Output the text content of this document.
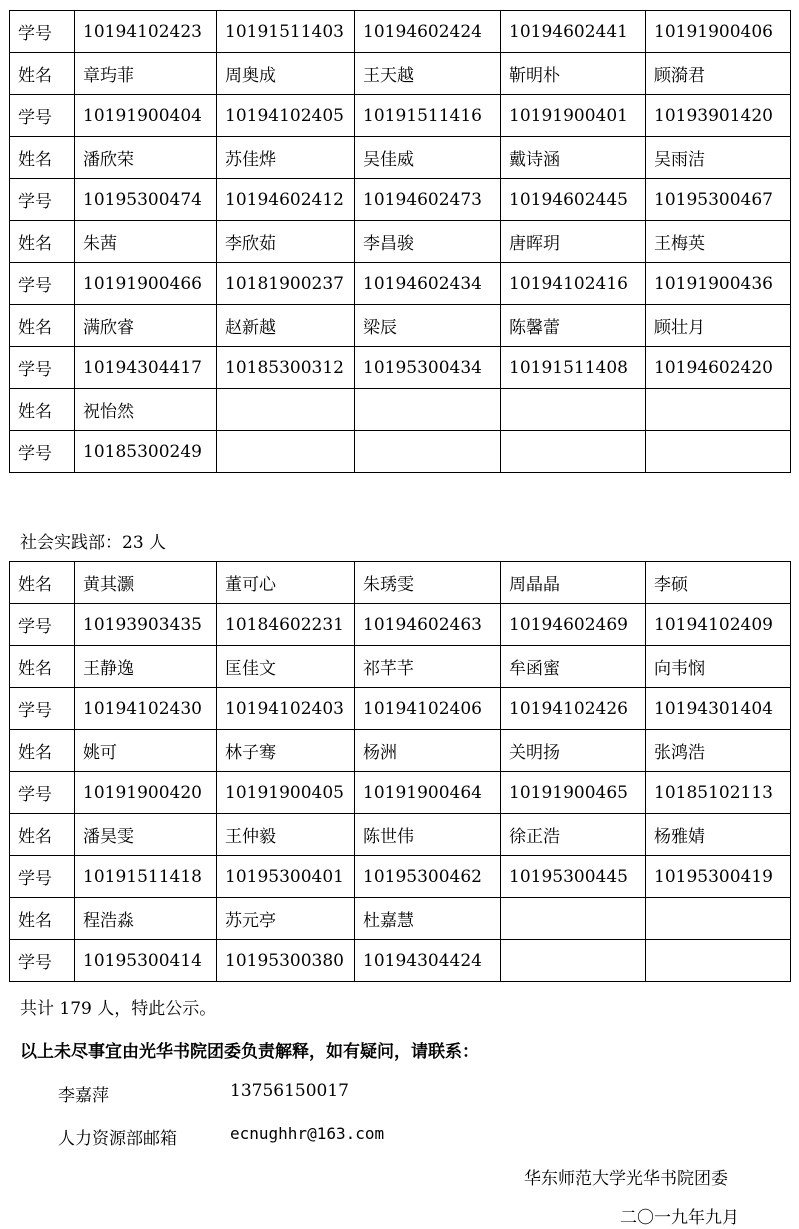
学号	10194102423	10191511403	10194602424	10194602441	10191900406
姓名	章玙菲	周奥成	王天越	靳明朴	顾漪君
学号	10191900404	10194102405	10191511416	10191900401	10193901420
姓名	潘欣荣	苏佳烨	吴佳威	戴诗涵	吴雨洁
学号	10195300474	10194602412	10194602473	10194602445	10195300467
姓名	朱茜	李欣茹	李昌骏	唐晖玥	王梅英
学号	10191900466	10181900237	10194602434	10194102416	10191900436
姓名	满欣睿	赵新越	梁辰	陈馨蕾	顾壮月
学号	10194304417	10185300312	10195300434	10191511408	10194602420
姓名	祝怡然				
学号	10185300249				

社会实践部：23 人

姓名	黄其灏	董可心	朱琇雯	周晶晶	李硕
学号	10193903435	10184602231	10194602463	10194602469	10194102409
姓名	王静逸	匡佳文	祁芊芊	牟函蜜	向韦悯
学号	10194102430	10194102403	10194102406	10194102426	10194301404
姓名	姚可	林子骞	杨洲	关明扬	张鸿浩
学号	10191900420	10191900405	10191900464	10191900465	10185102113
姓名	潘昊雯	王仲毅	陈世伟	徐正浩	杨雅婧
学号	10191511418	10195300401	10195300462	10195300445	10195300419
姓名	程浩淼	苏元亭	杜嘉慧		
学号	10195300414	10195300380	10194304424		
共计 179 人，特此公示。
以上未尽事宜由光华书院团委负责解释，如有疑问，请联系：
李嘉萍	13756150017
人力资源部邮箱	ecnughhr@163.com
华东师范大学光华书院团委
二〇一九年九月
